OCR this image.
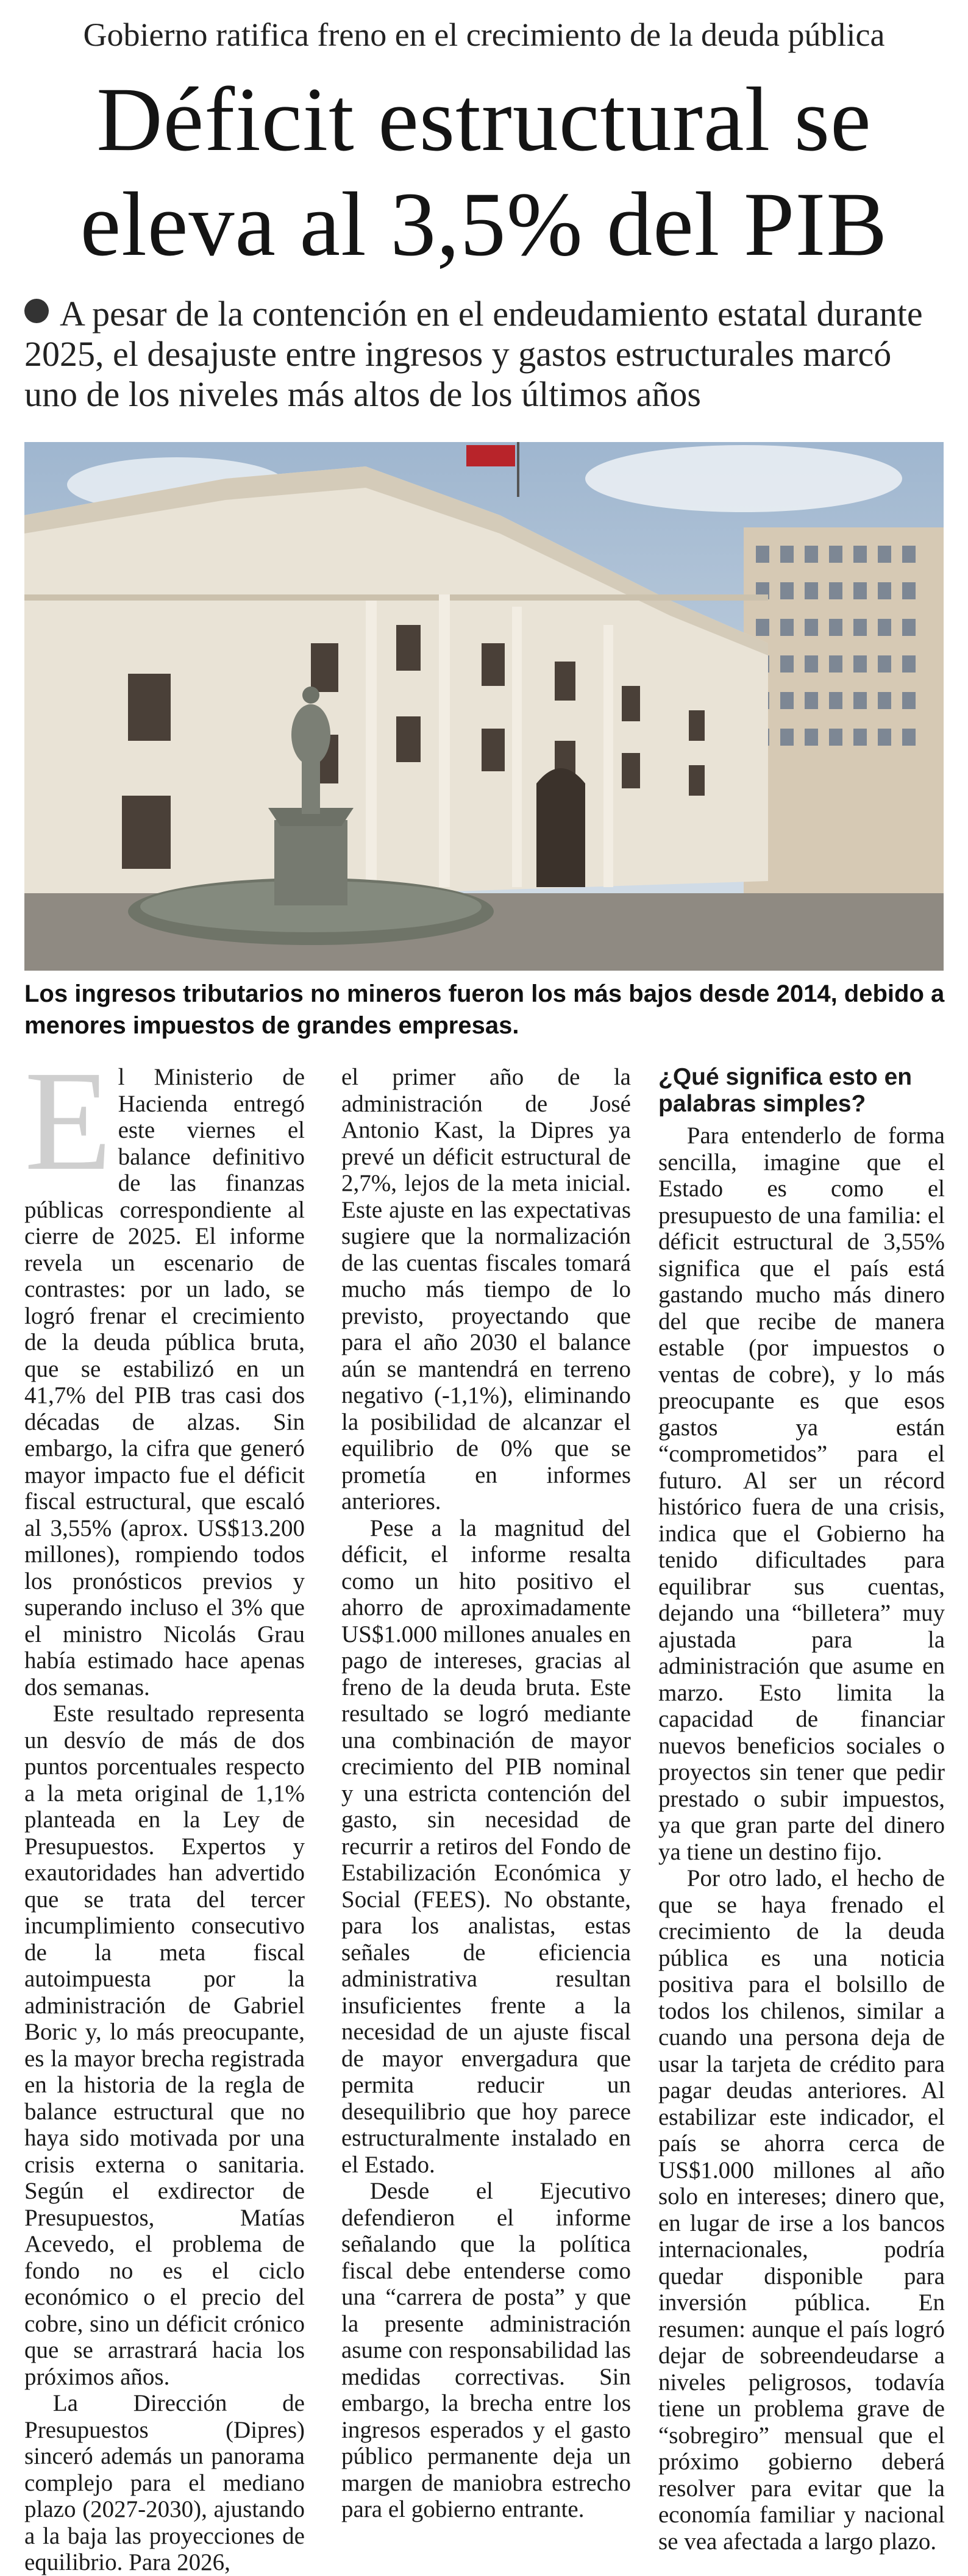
Gobierno ratifica freno en el crecimiento de la deuda pública
Déficit estructural se eleva al 3,5% del PIB
A pesar de la contención en el endeudamiento estatal durante 2025, el desajuste entre ingresos y gastos estructurales marcó uno de los niveles más altos de los últimos años
Los ingresos tributarios no mineros fueron los más bajos desde 2014, debido a menores impuestos de grandes empresas.
E l Ministerio de Hacienda entregó este viernes el balance definitivo de las finanzas públicas correspondiente al cierre de 2025. El informe revela un escenario de contrastes: por un lado, se logró frenar el crecimiento de la deuda pública bruta, que se estabilizó en un 41,7% del PIB tras casi dos décadas de alzas. Sin embargo, la cifra que generó mayor impacto fue el déficit fiscal estructural, que escaló al 3,55% (aprox. US$13.200 millones), rompiendo todos los pronósticos previos y superando incluso el 3% que el ministro Nicolás Grau había estimado hace apenas dos semanas.

Este resultado representa un desvío de más de dos puntos porcentuales respecto a la meta original de 1,1% planteada en la Ley de Presupuestos. Expertos y exautoridades han advertido que se trata del tercer incumplimiento consecutivo de la meta fiscal autoimpuesta por la administración de Gabriel Boric y, lo más preocupante, es la mayor brecha registrada en la historia de la regla de balance estructural que no haya sido motivada por una crisis externa o sanitaria. Según el exdirector de Presupuestos, Matías Acevedo, el problema de fondo no es el ciclo económico o el precio del cobre, sino un déficit crónico que se arrastrará hacia los próximos años.

La Dirección de Presupuestos (Dipres) sinceró además un panorama complejo para el mediano plazo (2027-2030), ajustando a la baja las proyecciones de equilibrio. Para 2026,

el primer año de la administración de José Antonio Kast, la Dipres ya prevé un déficit estructural de 2,7%, lejos de la meta inicial. Este ajuste en las expectativas sugiere que la normalización de las cuentas fiscales tomará mucho más tiempo de lo previsto, proyectando que para el año 2030 el balance aún se mantendrá en terreno negativo (-1,1%), eliminando la posibilidad de alcanzar el equilibrio de 0% que se prometía en informes anteriores.

Pese a la magnitud del déficit, el informe resalta como un hito positivo el ahorro de aproximadamente US$1.000 millones anuales en pago de intereses, gracias al freno de la deuda bruta. Este resultado se logró mediante una combinación de mayor crecimiento del PIB nominal y una estricta contención del gasto, sin necesidad de recurrir a retiros del Fondo de Estabilización Económica y Social (FEES). No obstante, para los analistas, estas señales de eficiencia administrativa resultan insuficientes frente a la necesidad de un ajuste fiscal de mayor envergadura que permita reducir un desequilibrio que hoy parece estructuralmente instalado en el Estado.

Desde el Ejecutivo defendieron el informe señalando que la política fiscal debe entenderse como una “carrera de posta” y que la presente administración asume con responsabilidad las medidas correctivas. Sin embargo, la brecha entre los ingresos esperados y el gasto público permanente deja un margen de maniobra estrecho para el gobierno entrante.

¿Qué significa esto en palabras simples?

Para entenderlo de forma sencilla, imagine que el Estado es como el presupuesto de una familia: el déficit estructural de 3,55% significa que el país está gastando mucho más dinero del que recibe de manera estable (por impuestos o ventas de cobre), y lo más preocupante es que esos gastos ya están “comprometidos” para el futuro. Al ser un récord histórico fuera de una crisis, indica que el Gobierno ha tenido dificultades para equilibrar sus cuentas, dejando una “billetera” muy ajustada para la administración que asume en marzo. Esto limita la capacidad de financiar nuevos beneficios sociales o proyectos sin tener que pedir prestado o subir impuestos, ya que gran parte del dinero ya tiene un destino fijo.

Por otro lado, el hecho de que se haya frenado el crecimiento de la deuda pública es una noticia positiva para el bolsillo de todos los chilenos, similar a cuando una persona deja de usar la tarjeta de crédito para pagar deudas anteriores. Al estabilizar este indicador, el país se ahorra cerca de US$1.000 millones al año solo en intereses; dinero que, en lugar de irse a los bancos internacionales, podría quedar disponible para inversión pública. En resumen: aunque el país logró dejar de sobreendeudarse a niveles peligrosos, todavía tiene un problema grave de “sobregiro” mensual que el próximo gobierno deberá resolver para evitar que la economía familiar y nacional se vea afectada a largo plazo.
